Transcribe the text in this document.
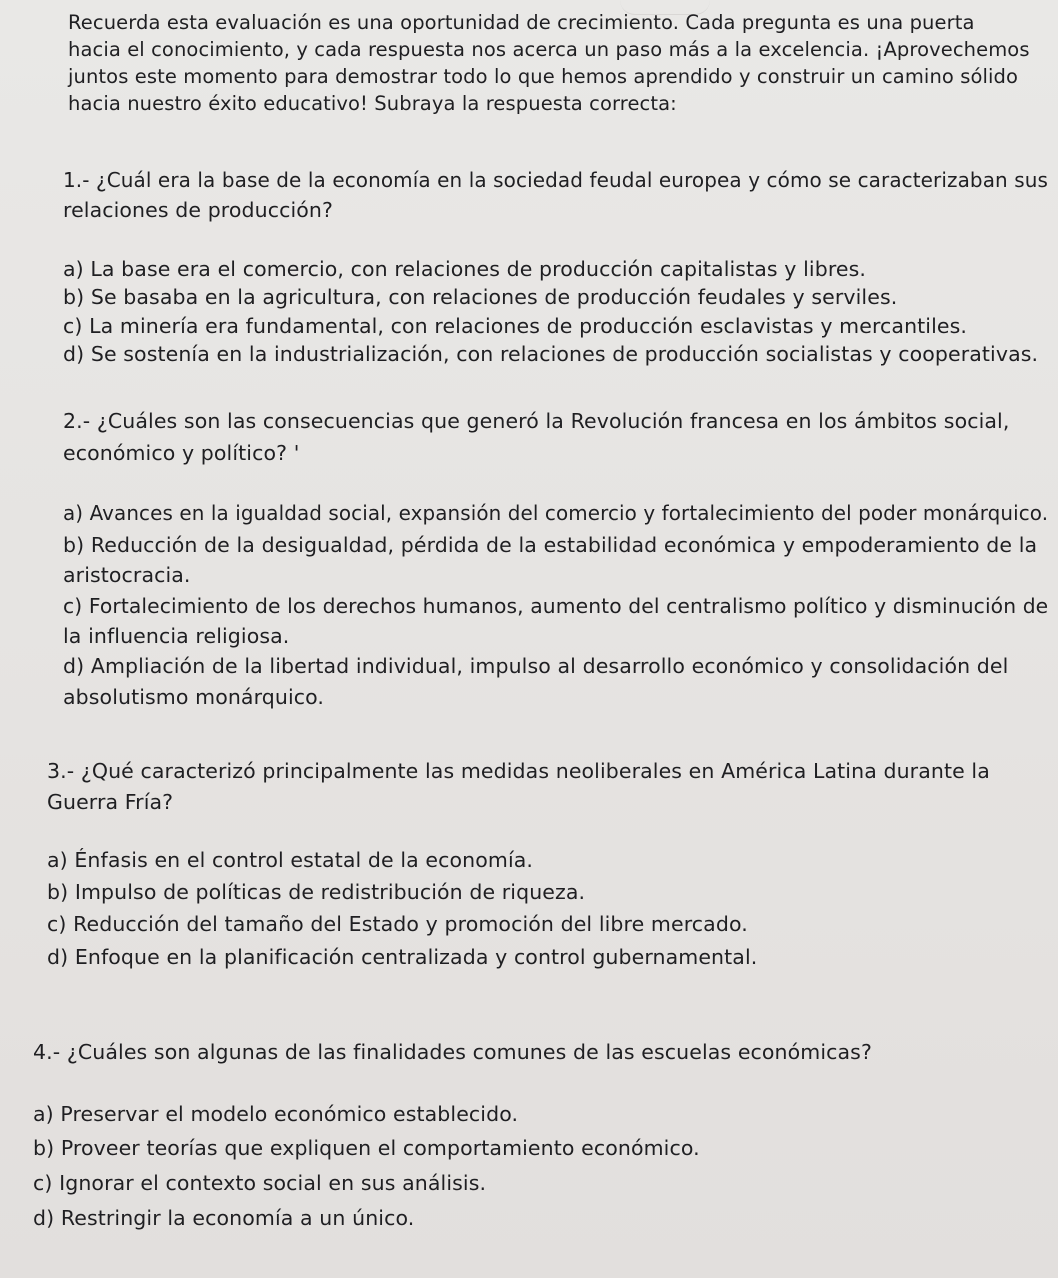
Recuerda esta evaluación es una oportunidad de crecimiento. Cada pregunta es una puerta
hacia el conocimiento, y cada respuesta nos acerca un paso más a la excelencia. ¡Aprovechemos
juntos este momento para demostrar todo lo que hemos aprendido y construir un camino sólido
hacia nuestro éxito educativo! Subraya la respuesta correcta:
1.- ¿Cuál era la base de la economía en la sociedad feudal europea y cómo se caracterizaban sus
relaciones de producción?
a) La base era el comercio, con relaciones de producción capitalistas y libres.
b) Se basaba en la agricultura, con relaciones de producción feudales y serviles.
c) La minería era fundamental, con relaciones de producción esclavistas y mercantiles.
d) Se sostenía en la industrialización, con relaciones de producción socialistas y cooperativas.
2.- ¿Cuáles son las consecuencias que generó la Revolución francesa en los ámbitos social,
económico y político? '
a) Avances en la igualdad social, expansión del comercio y fortalecimiento del poder monárquico.
b) Reducción de la desigualdad, pérdida de la estabilidad económica y empoderamiento de la
aristocracia.
c) Fortalecimiento de los derechos humanos, aumento del centralismo político y disminución de
la influencia religiosa.
d) Ampliación de la libertad individual, impulso al desarrollo económico y consolidación del
absolutismo monárquico.
3.- ¿Qué caracterizó principalmente las medidas neoliberales en América Latina durante la
Guerra Fría?
a) Énfasis en el control estatal de la economía.
b) Impulso de políticas de redistribución de riqueza.
c) Reducción del tamaño del Estado y promoción del libre mercado.
d) Enfoque en la planificación centralizada y control gubernamental.
4.- ¿Cuáles son algunas de las finalidades comunes de las escuelas económicas?
a) Preservar el modelo económico establecido.
b) Proveer teorías que expliquen el comportamiento económico.
c) Ignorar el contexto social en sus análisis.
d) Restringir la economía a un único.
